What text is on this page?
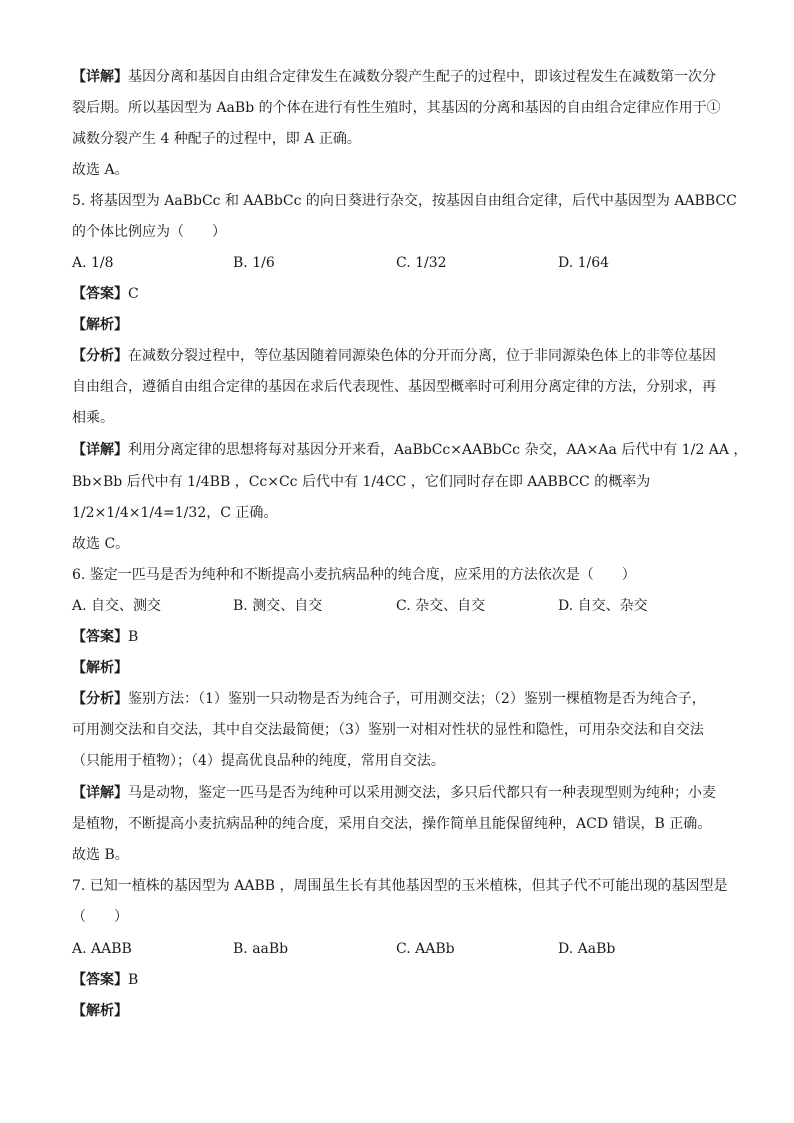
【详解】基因分离和基因自由组合定律发生在减数分裂产生配子的过程中，即该过程发生在减数第一次分
裂后期。所以基因型为 AaBb 的个体在进行有性生殖时，其基因的分离和基因的自由组合定律应作用于①
减数分裂产生 4 种配子的过程中，即 A 正确。
故选 A。
5. 将基因型为 AaBbCc 和 AABbCc 的向日葵进行杂交，按基因自由组合定律，后代中基因型为 AABBCC
的个体比例应为（　　）
A. 1/8	B. 1/6	C. 1/32	D. 1/64
【答案】C
【解析】
【分析】在减数分裂过程中，等位基因随着同源染色体的分开而分离，位于非同源染色体上的非等位基因
自由组合，遵循自由组合定律的基因在求后代表现性、基因型概率时可利用分离定律的方法，分别求，再
相乘。
【详解】利用分离定律的思想将每对基因分开来看，AaBbCc×AABbCc 杂交，AA×Aa 后代中有 1/2 AA ，
Bb×Bb 后代中有 1/4BB ，Cc×Cc 后代中有 1/4CC ，它们同时存在即 AABBCC 的概率为
1/2×1/4×1/4=1/32，C 正确。
故选 C。
6. 鉴定一匹马是否为纯种和不断提高小麦抗病品种的纯合度，应采用的方法依次是（　　）
A. 自交、测交	B. 测交、自交	C. 杂交、自交	D. 自交、杂交
【答案】B
【解析】
【分析】鉴别方法：（1）鉴别一只动物是否为纯合子，可用测交法；（2）鉴别一棵植物是否为纯合子，
可用测交法和自交法，其中自交法最简便；（3）鉴别一对相对性状的显性和隐性，可用杂交法和自交法
（只能用于植物）；（4）提高优良品种的纯度，常用自交法。
【详解】马是动物，鉴定一匹马是否为纯种可以采用测交法，多只后代都只有一种表现型则为纯种；小麦
是植物，不断提高小麦抗病品种的纯合度，采用自交法，操作简单且能保留纯种，ACD 错误，B 正确。
故选 B。
7. 已知一植株的基因型为 AABB ，周围虽生长有其他基因型的玉米植株，但其子代不可能出现的基因型是
（　　）
A. AABB	B. aaBb	C. AABb	D. AaBb
【答案】B
【解析】
